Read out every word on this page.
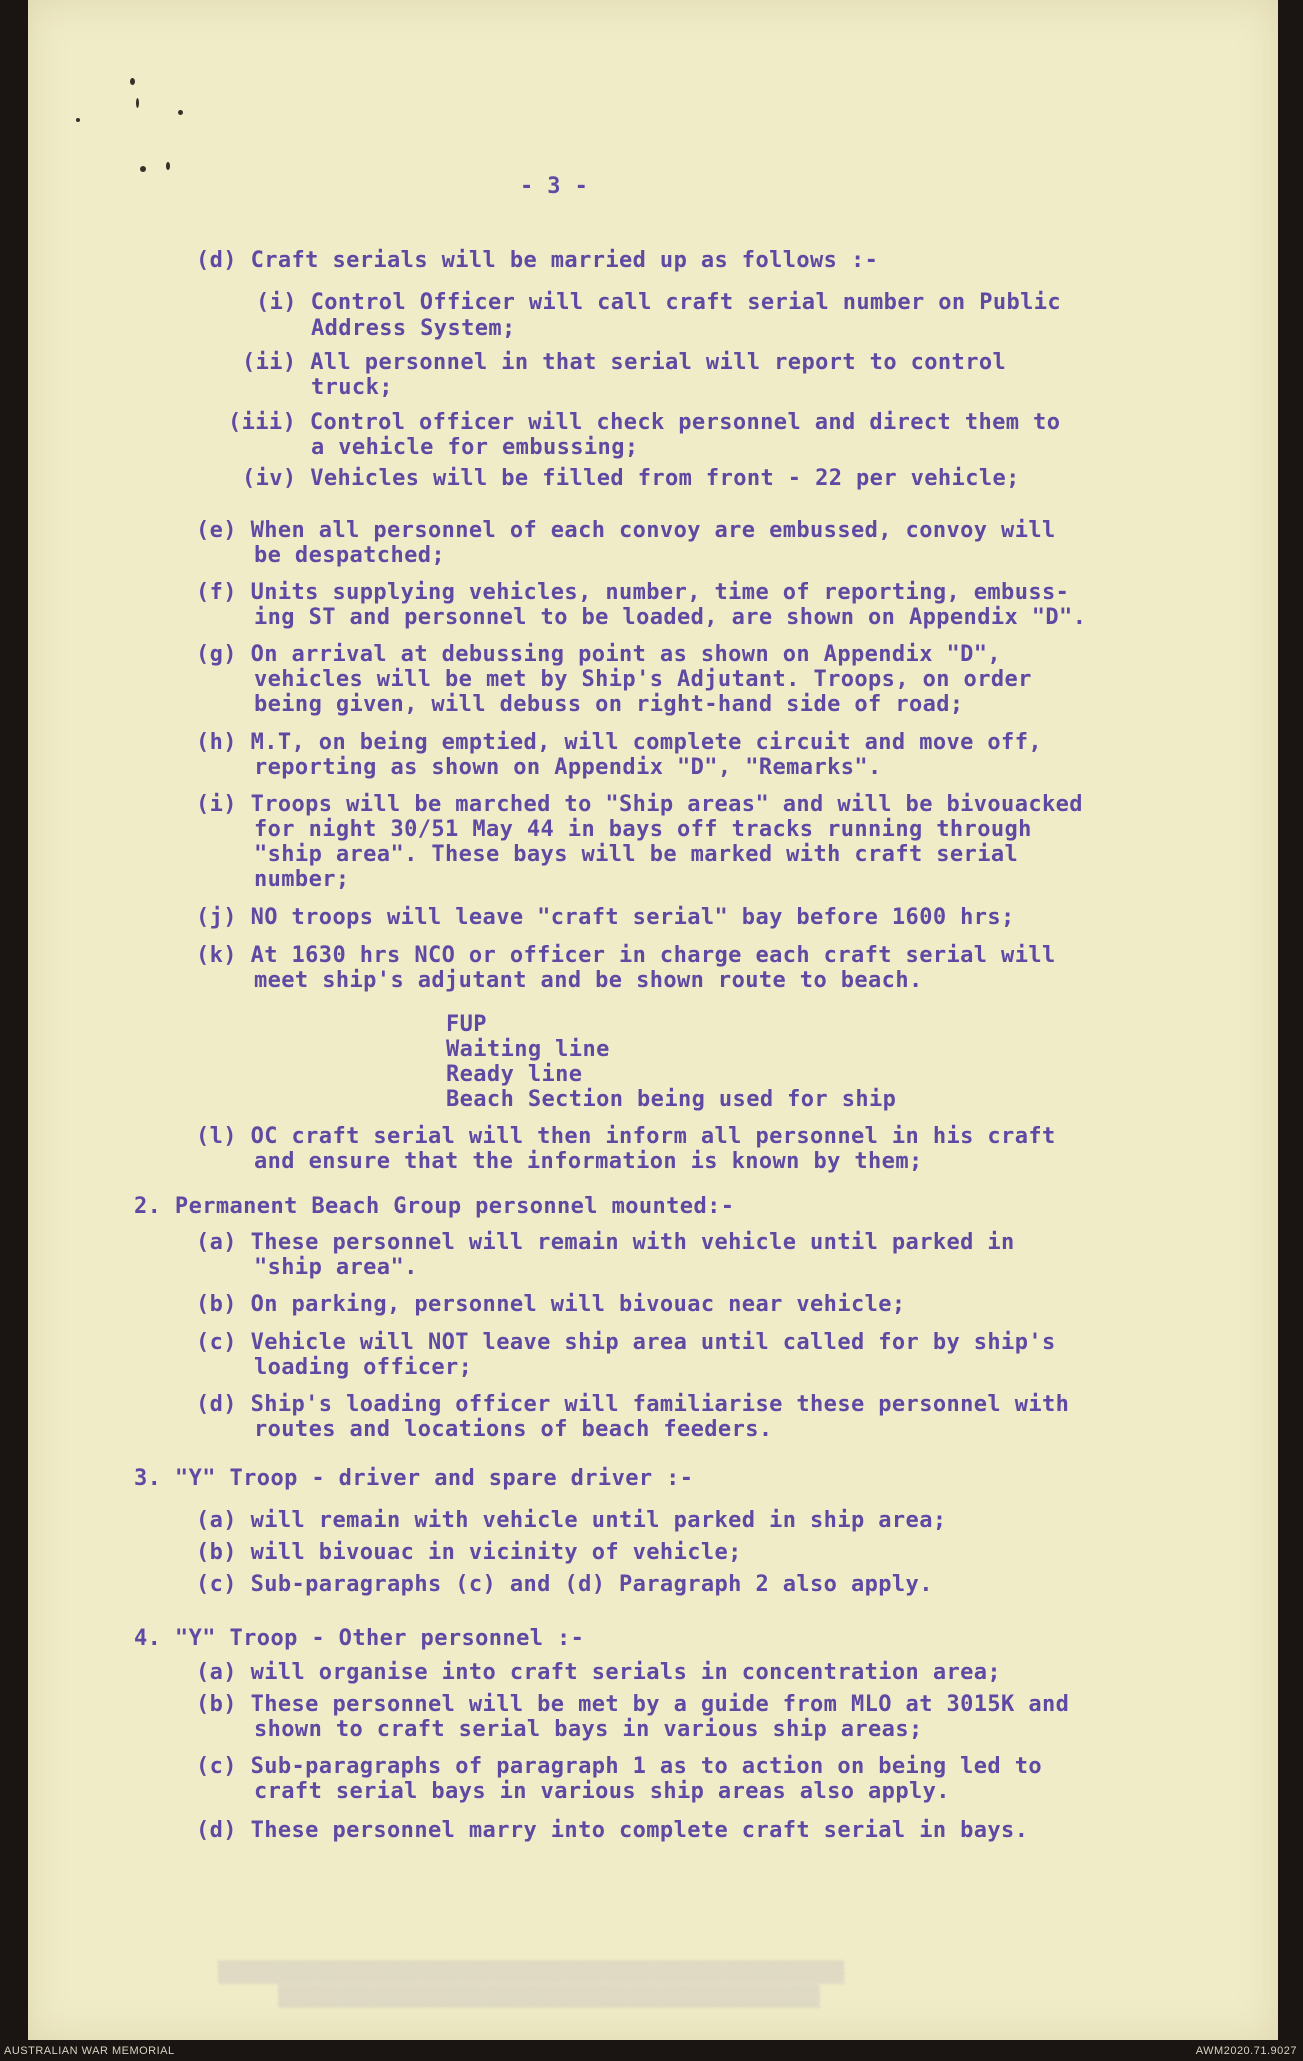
- 3 -
(d) Craft serials will be married up as follows :-
(i) Control Officer will call craft serial number on Public
Address System;
(ii) All personnel in that serial will report to control
truck;
(iii) Control officer will check personnel and direct them to
a vehicle for embussing;
(iv) Vehicles will be filled from front - 22 per vehicle;
(e) When all personnel of each convoy are embussed, convoy will
be despatched;
(f) Units supplying vehicles, number, time of reporting, embuss-
ing ST and personnel to be loaded, are shown on Appendix "D".
(g) On arrival at debussing point as shown on Appendix "D",
vehicles will be met by Ship's Adjutant. Troops, on order
being given, will debuss on right-hand side of road;
(h) M.T, on being emptied, will complete circuit and move off,
reporting as shown on Appendix "D", "Remarks".
(i) Troops will be marched to "Ship areas" and will be bivouacked
for night 30/51 May 44 in bays off tracks running through
"ship area". These bays will be marked with craft serial
number;
(j) NO troops will leave "craft serial" bay before 1600 hrs;
(k) At 1630 hrs NCO or officer in charge each craft serial will
meet ship's adjutant and be shown route to beach.
FUP
Waiting line
Ready line
Beach Section being used for ship
(l) OC craft serial will then inform all personnel in his craft
and ensure that the information is known by them;
2. Permanent Beach Group personnel mounted:-
(a) These personnel will remain with vehicle until parked in
"ship area".
(b) On parking, personnel will bivouac near vehicle;
(c) Vehicle will NOT leave ship area until called for by ship's
loading officer;
(d) Ship's loading officer will familiarise these personnel with
routes and locations of beach feeders.
3. "Y" Troop - driver and spare driver :-
(a) will remain with vehicle until parked in ship area;
(b) will bivouac in vicinity of vehicle;
(c) Sub-paragraphs (c) and (d) Paragraph 2 also apply.
4. "Y" Troop - Other personnel :-
(a) will organise into craft serials in concentration area;
(b) These personnel will be met by a guide from MLO at 3015K and
shown to craft serial bays in various ship areas;
(c) Sub-paragraphs of paragraph 1 as to action on being led to
craft serial bays in various ship areas also apply.
(d) These personnel marry into complete craft serial in bays.
▒▒▒▒▒▒▒▒▒▒▒▒▒▒▒▒▒▒▒▒▒▒▒▒▒▒▒▒▒▒▒▒▒▒▒▒▒▒▒▒▒▒▒▒▒▒▒▒▒▒▒▒
▒▒▒▒▒▒▒▒▒▒▒▒▒▒▒▒▒▒▒▒▒▒▒▒▒▒▒▒▒▒▒▒▒▒▒▒▒▒▒▒▒▒▒▒▒
AUSTRALIAN WAR MEMORIAL	AWM2020.71.9027
